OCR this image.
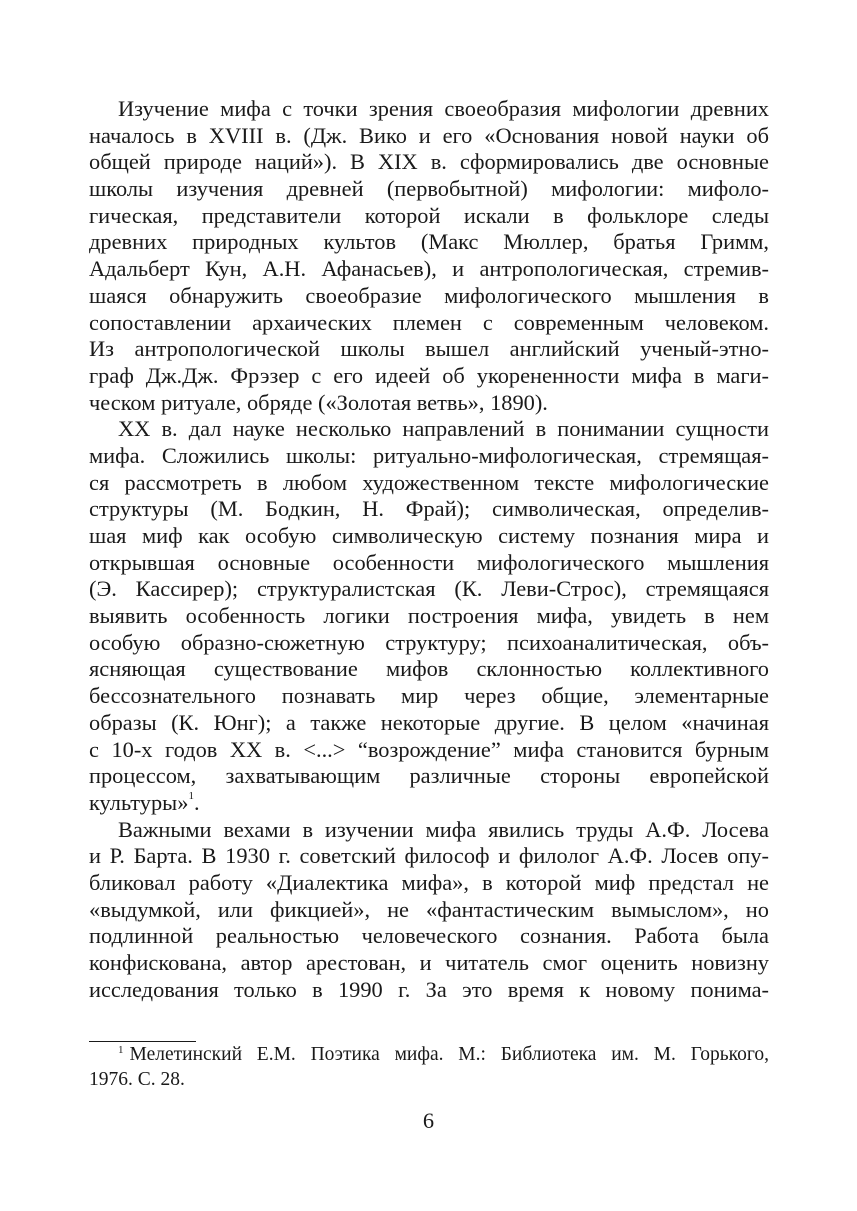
Изучение мифа с точки зрения своеобразия мифологии древних
началось в XVIII в. (Дж. Вико и его «Основания новой науки об
общей природе наций»). В XIX в. сформировались две основные
школы изучения древней (первобытной) мифологии: мифоло-
гическая, представители которой искали в фольклоре следы
древних природных культов (Макс Мюллер, братья Гримм,
Адальберт Кун, А.Н. Афанасьев), и антропологическая, стремив-
шаяся обнаружить своеобразие мифологического мышления в
сопоставлении архаических племен с современным человеком.
Из антропологической школы вышел английский ученый-этно-
граф Дж.Дж. Фрэзер с его идеей об укорененности мифа в маги-
ческом ритуале, обряде («Золотая ветвь», 1890).
XX в. дал науке несколько направлений в понимании сущности
мифа. Сложились школы: ритуально-мифологическая, стремящая-
ся рассмотреть в любом художественном тексте мифологические
структуры (М. Бодкин, Н. Фрай); символическая, определив-
шая миф как особую символическую систему познания мира и
открывшая основные особенности мифологического мышления
(Э. Кассирер); структуралистская (К. Леви-Строс), стремящаяся
выявить особенность логики построения мифа, увидеть в нем
особую образно-сюжетную структуру; психоаналитическая, объ-
ясняющая существование мифов склонностью коллективного
бессознательного познавать мир через общие, элементарные
образы (К. Юнг); а также некоторые другие. В целом «начиная
с 10-х годов XX в. <...> “возрождение” мифа становится бурным
процессом, захватывающим различные стороны европейской
культуры»$^1$.
Важными вехами в изучении мифа явились труды А.Ф. Лосева
и Р. Барта. В 1930 г. советский философ и филолог А.Ф. Лосев опу-
бликовал работу «Диалектика мифа», в которой миф предстал не
«выдумкой, или фикцией», не «фантастическим вымыслом», но
подлинной реальностью человеческого сознания. Работа была
конфискована, автор арестован, и читатель смог оценить новизну
исследования только в 1990 г. За это время к новому понима-
$^1$ Мелетинский Е.М. Поэтика мифа. М.: Библиотека им. М. Горького,
1976. С. 28.
6
